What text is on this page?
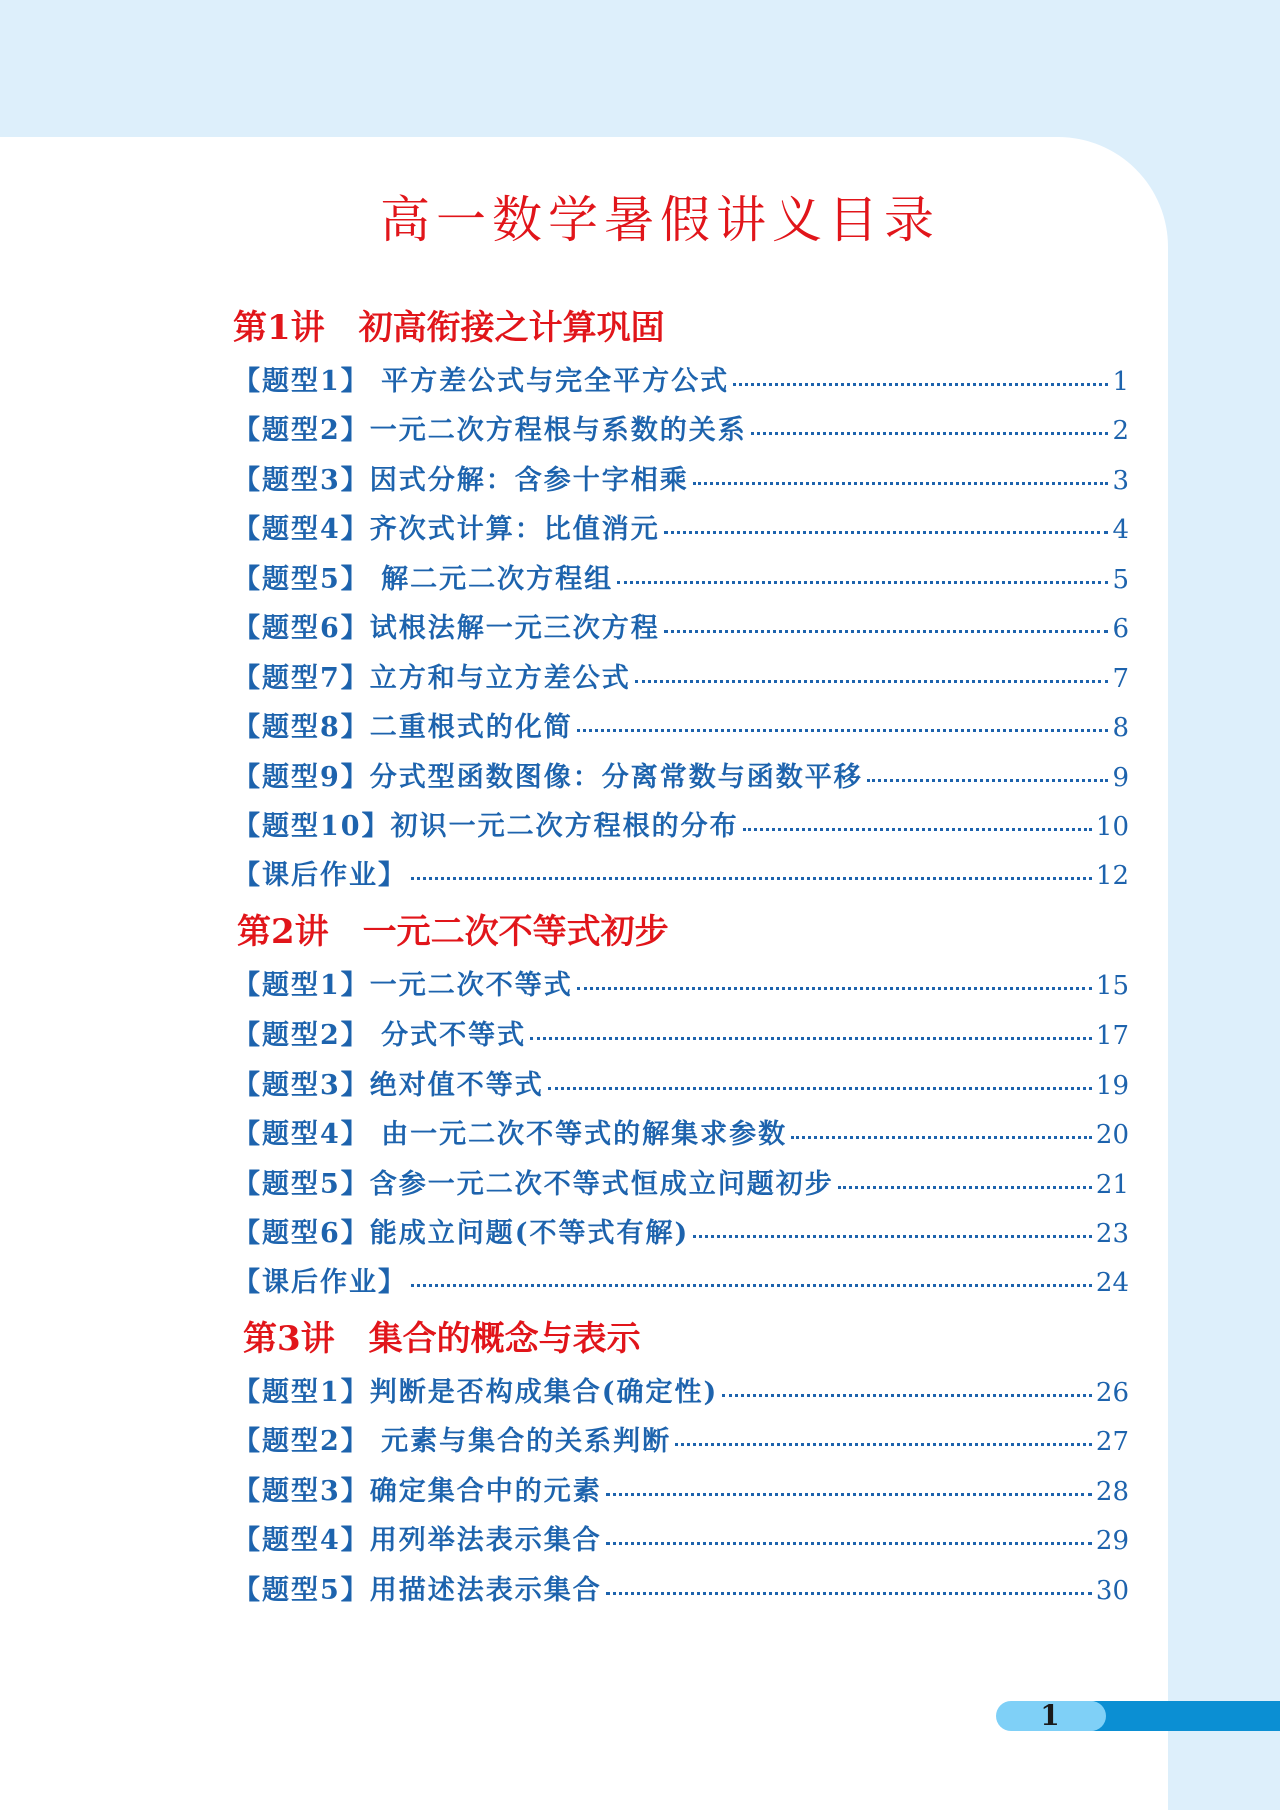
高一数学暑假讲义目录
第1讲 初高衔接之计算巩固
【题型1】 平方差公式与完全平方公式	1
【题型2】一元二次方程根与系数的关系	2
【题型3】因式分解：含参十字相乘	3
【题型4】齐次式计算：比值消元	4
【题型5】 解二元二次方程组	5
【题型6】试根法解一元三次方程	6
【题型7】立方和与立方差公式	7
【题型8】二重根式的化简	8
【题型9】分式型函数图像：分离常数与函数平移	9
【题型10】初识一元二次方程根的分布	10
【课后作业】	12
第2讲 一元二次不等式初步
【题型1】一元二次不等式	15
【题型2】 分式不等式	17
【题型3】绝对值不等式	19
【题型4】 由一元二次不等式的解集求参数	20
【题型5】含参一元二次不等式恒成立问题初步	21
【题型6】能成立问题(不等式有解)	23
【课后作业】	24
第3讲 集合的概念与表示
【题型1】判断是否构成集合(确定性)	26
【题型2】 元素与集合的关系判断	27
【题型3】确定集合中的元素	28
【题型4】用列举法表示集合	29
【题型5】用描述法表示集合	30
1
